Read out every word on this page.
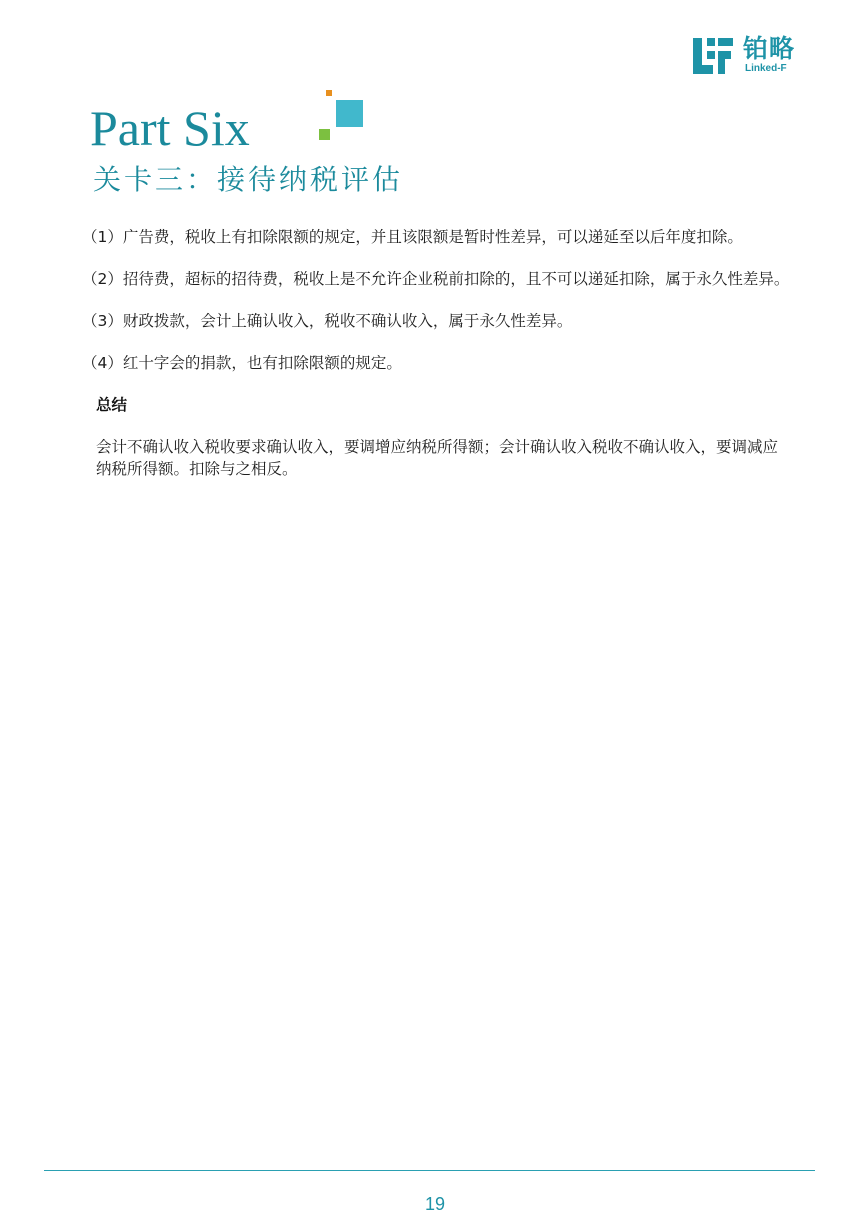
铂略
Linked-F
Part Six
关卡三：接待纳税评估

（1）广告费，税收上有扣除限额的规定，并且该限额是暂时性差异，可以递延至以后年度扣除。

（2）招待费，超标的招待费，税收上是不允许企业税前扣除的，且不可以递延扣除，属于永久性差异。

（3）财政拨款，会计上确认收入，税收不确认收入，属于永久性差异。

（4）红十字会的捐款，也有扣除限额的规定。

总结

会计不确认收入税收要求确认收入，要调增应纳税所得额；会计确认收入税收不确认收入，要调减应纳税所得额。扣除与之相反。

19
